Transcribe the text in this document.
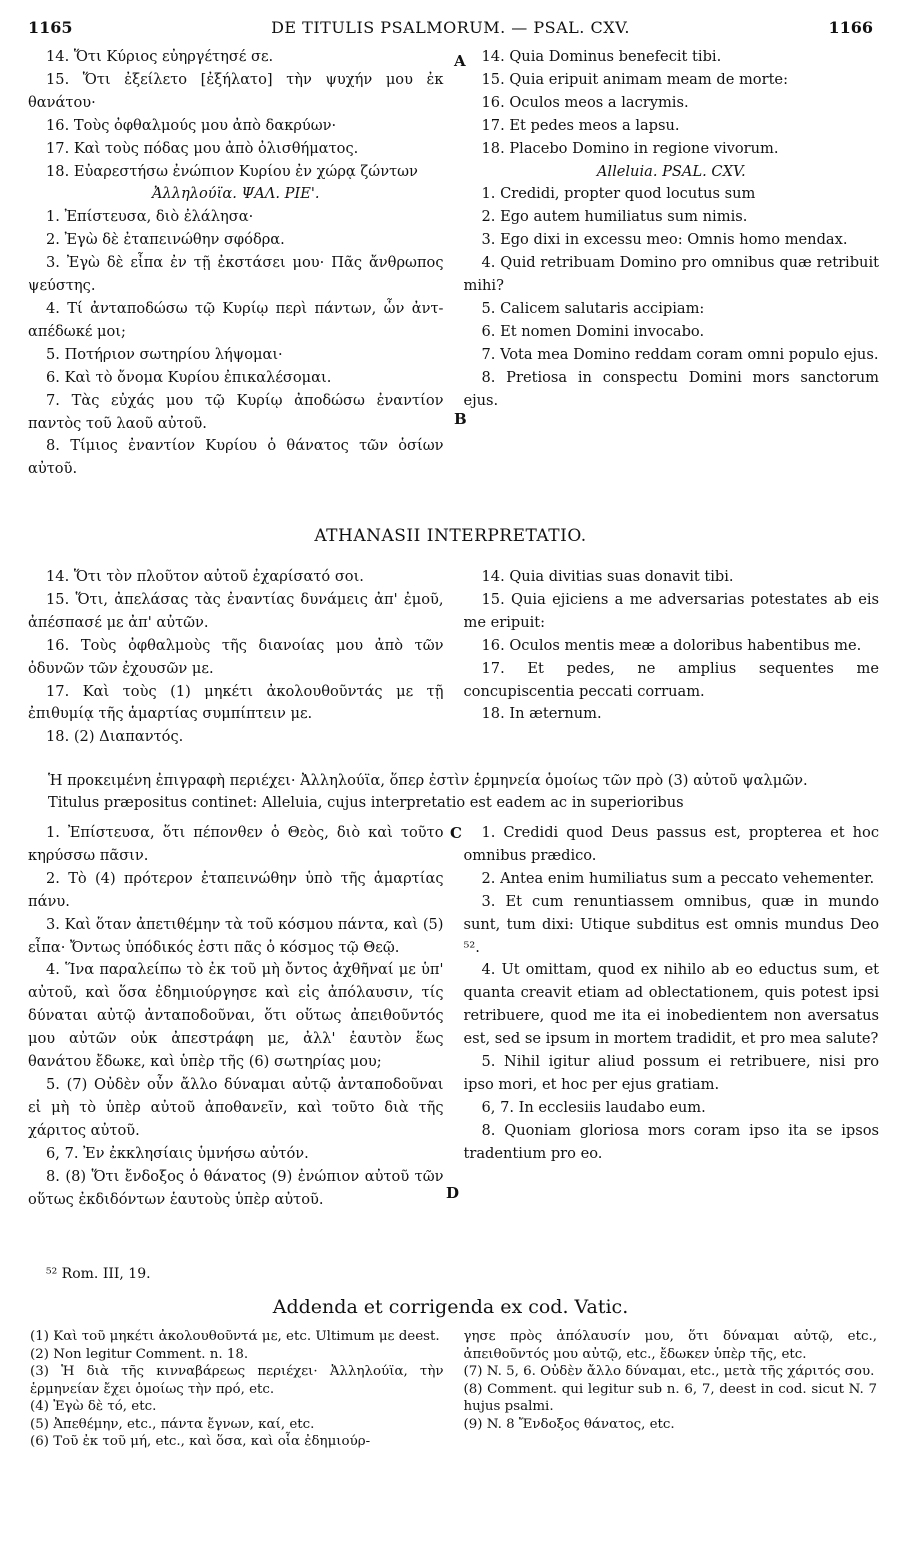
1165	DE TITULIS PSALMORUM. — PSAL. CXV.	1166
A
B
C
D

14. Ὅτι Κύριος εὐηργέτησέ σε.

15. Ὅτι ἐξείλετο [ἐξήλατο] τὴν ψυχήν μου ἐκ θανάτου·

16. Τοὺς ὀφθαλμούς μου ἀπὸ δακρύων·

17. Καὶ τοὺς πόδας μου ἀπὸ ὀλισθήματος.

18. Εὐαρεστήσω ἐνώπιον Κυρίου ἐν χώρᾳ ζώντων

Ἀλληλούϊα. ΨΑΛ. ΡΙΕ'.

1. Ἐπίστευσα, διὸ ἐλάλησα·

2. Ἐγὼ δὲ ἐταπεινώθην σφόδρα.

3. Ἐγὼ δὲ εἶπα ἐν τῇ ἐκστάσει μου· Πᾶς ἄνθρωπος ψεύστης.

4. Τί ἀνταποδώσω τῷ Κυρίῳ περὶ πάντων, ὧν ἀντ-απέδωκέ μοι;

5. Ποτήριον σωτηρίου λήψομαι·

6. Καὶ τὸ ὄνομα Κυρίου ἐπικαλέσομαι.

7. Τὰς εὐχάς μου τῷ Κυρίῳ ἀποδώσω ἐναντίον παντὸς τοῦ λαοῦ αὐτοῦ.

8. Τίμιος ἐναντίον Κυρίου ὁ θάνατος τῶν ὁσίων αὐτοῦ.

14. Quia Dominus benefecit tibi.

15. Quia eripuit animam meam de morte:

16. Oculos meos a lacrymis.

17. Et pedes meos a lapsu.

18. Placebo Domino in regione vivorum.

Alleluia. PSAL. CXV.

1. Credidi, propter quod locutus sum

2. Ego autem humiliatus sum nimis.

3. Ego dixi in excessu meo: Omnis homo mendax.

4. Quid retribuam Domino pro omnibus quæ retribuit mihi?

5. Calicem salutaris accipiam:

6. Et nomen Domini invocabo.

7. Vota mea Domino reddam coram omni populo ejus.

8. Pretiosa in conspectu Domini mors sanctorum ejus.

ATHANASII INTERPRETATIO.

14. Ὅτι τὸν πλοῦτον αὐτοῦ ἐχαρίσατό σοι.

15. Ὅτι, ἀπελάσας τὰς ἐναντίας δυνάμεις ἀπ' ἐμοῦ, ἀπέσπασέ με ἀπ' αὐτῶν.

16. Τοὺς ὀφθαλμοὺς τῆς διανοίας μου ἀπὸ τῶν ὀδυνῶν τῶν ἐχουσῶν με.

17. Καὶ τοὺς (1) μηκέτι ἀκολουθοῦντάς με τῇ ἐπιθυμίᾳ τῆς ἁμαρτίας συμπίπτειν με.

18. (2) Διαπαντός.

14. Quia divitias suas donavit tibi.

15. Quia ejiciens a me adversarias potestates ab eis me eripuit:

16. Oculos mentis meæ a doloribus habentibus me.

17. Et pedes, ne amplius sequentes me concupiscentia peccati corruam.

18. In æternum.

Ἡ προκειμένη ἐπιγραφὴ περιέχει· Ἀλληλούϊα, ὅπερ ἐστὶν ἑρμηνεία ὁμοίως τῶν πρὸ (3) αὐτοῦ ψαλμῶν.

Titulus præpositus continet: Alleluia, cujus interpretatio est eadem ac in superioribus

1. Ἐπίστευσα, ὅτι πέπονθεν ὁ Θεὸς, διὸ καὶ τοῦτο κηρύσσω πᾶσιν.

2. Τὸ (4) πρότερον ἐταπεινώθην ὑπὸ τῆς ἁμαρτίας πάνυ.

3. Καὶ ὅταν ἀπετιθέμην τὰ τοῦ κόσμου πάντα, καὶ (5) εἶπα· Ὄντως ὑπόδικός ἐστι πᾶς ὁ κόσμος τῷ Θεῷ.

4. Ἵνα παραλείπω τὸ ἐκ τοῦ μὴ ὄντος ἀχθῆναί με ὑπ' αὐτοῦ, καὶ ὅσα ἐδημιούργησε καὶ εἰς ἀπόλαυσιν, τίς δύναται αὐτῷ ἀνταποδοῦναι, ὅτι οὕτως ἀπειθοῦντός μου αὐτῶν οὐκ ἀπεστράφη με, ἀλλ' ἑαυτὸν ἕως θανάτου ἔδωκε, καὶ ὑπὲρ τῆς (6) σωτηρίας μου;

5. (7) Οὐδὲν οὖν ἄλλο δύναμαι αὐτῷ ἀνταποδοῦναι εἰ μὴ τὸ ὑπὲρ αὐτοῦ ἀποθανεῖν, καὶ τοῦτο διὰ τῆς χάριτος αὐτοῦ.

6, 7. Ἐν ἐκκλησίαις ὑμνήσω αὐτόν.

8. (8) Ὅτι ἔνδοξος ὁ θάνατος (9) ἐνώπιον αὐτοῦ τῶν οὕτως ἐκδιδόντων ἑαυτοὺς ὑπὲρ αὐτοῦ.

1. Credidi quod Deus passus est, propterea et hoc omnibus prædico.

2. Antea enim humiliatus sum a peccato vehementer.

3. Et cum renuntiassem omnibus, quæ in mundo sunt, tum dixi: Utique subditus est omnis mundus Deo ⁵².

4. Ut omittam, quod ex nihilo ab eo eductus sum, et quanta creavit etiam ad oblectationem, quis potest ipsi retribuere, quod me ita ei inobedientem non aversatus est, sed se ipsum in mortem tradidit, et pro mea salute?

5. Nihil igitur aliud possum ei retribuere, nisi pro ipso mori, et hoc per ejus gratiam.

6, 7. In ecclesiis laudabo eum.

8. Quoniam gloriosa mors coram ipso ita se ipsos tradentium pro eo.

⁵² Rom. III, 19.
Addenda et corrigenda ex cod. Vatic.

(1) Καὶ τοῦ μηκέτι ἀκολουθοῦντά με, etc. Ultimum με deest.

(2) Non legitur Comment. n. 18.

(3) Ἡ διὰ τῆς κινναβάρεως περιέχει· Ἀλληλούϊα, τὴν ἑρμηνείαν ἔχει ὁμοίως τὴν πρό, etc.

(4) Ἐγὼ δὲ τό, etc.

(5) Ἀπεθέμην, etc., πάντα ἔγνων, καί, etc.

(6) Τοῦ ἐκ τοῦ μή, etc., καὶ ὅσα, καὶ οἷα ἐδημιούρ-

γησε πρὸς ἀπόλαυσίν μου, ὅτι δύναμαι αὐτῷ, etc., ἀπειθοῦντός μου αὐτῷ, etc., ἔδωκεν ὑπὲρ τῆς, etc.

(7) N. 5, 6. Οὐδὲν ἄλλο δύναμαι, etc., μετὰ τῆς χάριτός σου.

(8) Comment. qui legitur sub n. 6, 7, deest in cod. sicut N. 7 hujus psalmi.

(9) N. 8 Ἔνδοξος θάνατος, etc.
